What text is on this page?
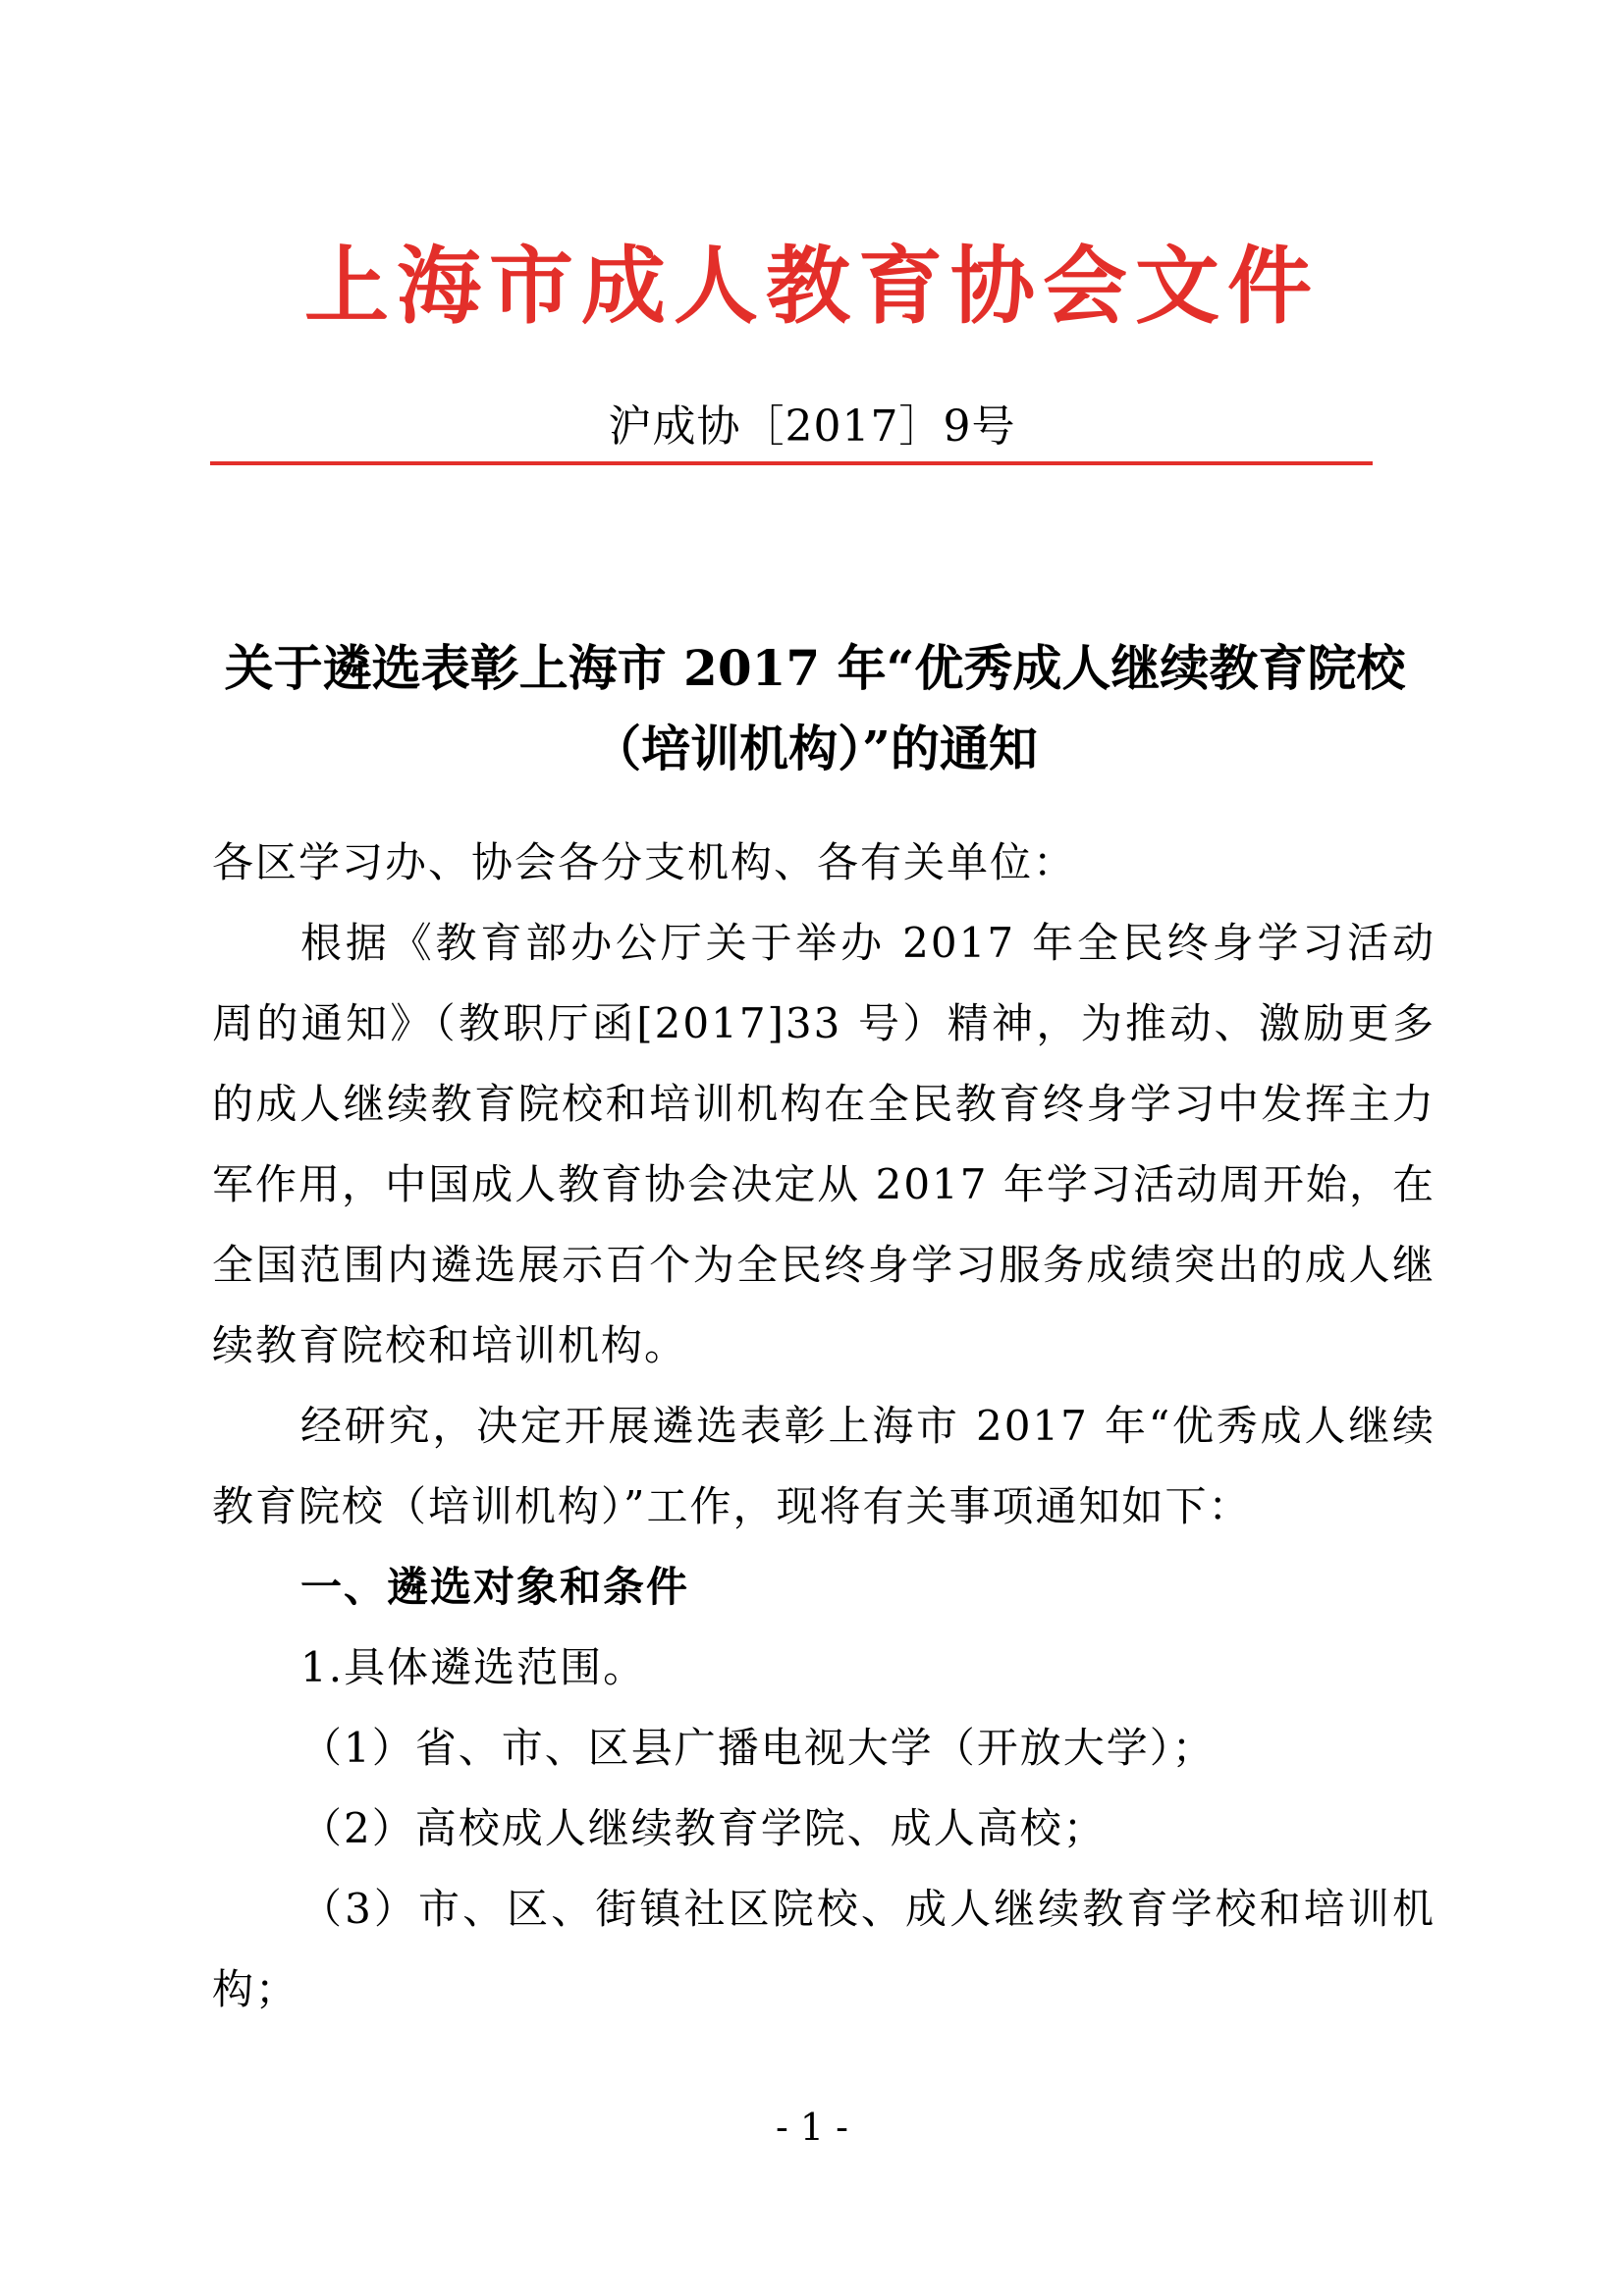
上海市成人教育协会文件
沪成协［2017］9号
关于遴选表彰上海市 2017 年“优秀成人继续教育院校
（培训机构）”的通知

各区学习办、协会各分支机构、各有关单位：

根据《教育部办公厅关于举办 2017 年全民终身学习活动周的通知》（教职厅函[2017]33 号）精神，为推动、激励更多的成人继续教育院校和培训机构在全民教育终身学习中发挥主力军作用，中国成人教育协会决定从 2017 年学习活动周开始，在全国范围内遴选展示百个为全民终身学习服务成绩突出的成人继续教育院校和培训机构。

经研究，决定开展遴选表彰上海市 2017 年“优秀成人继续教育院校（培训机构）”工作，现将有关事项通知如下：

一、遴选对象和条件

1.具体遴选范围。

（1）省、市、区县广播电视大学（开放大学）；

（2）高校成人继续教育学院、成人高校；

（3）市、区、街镇社区院校、成人继续教育学校和培训机构；

- 1 -
